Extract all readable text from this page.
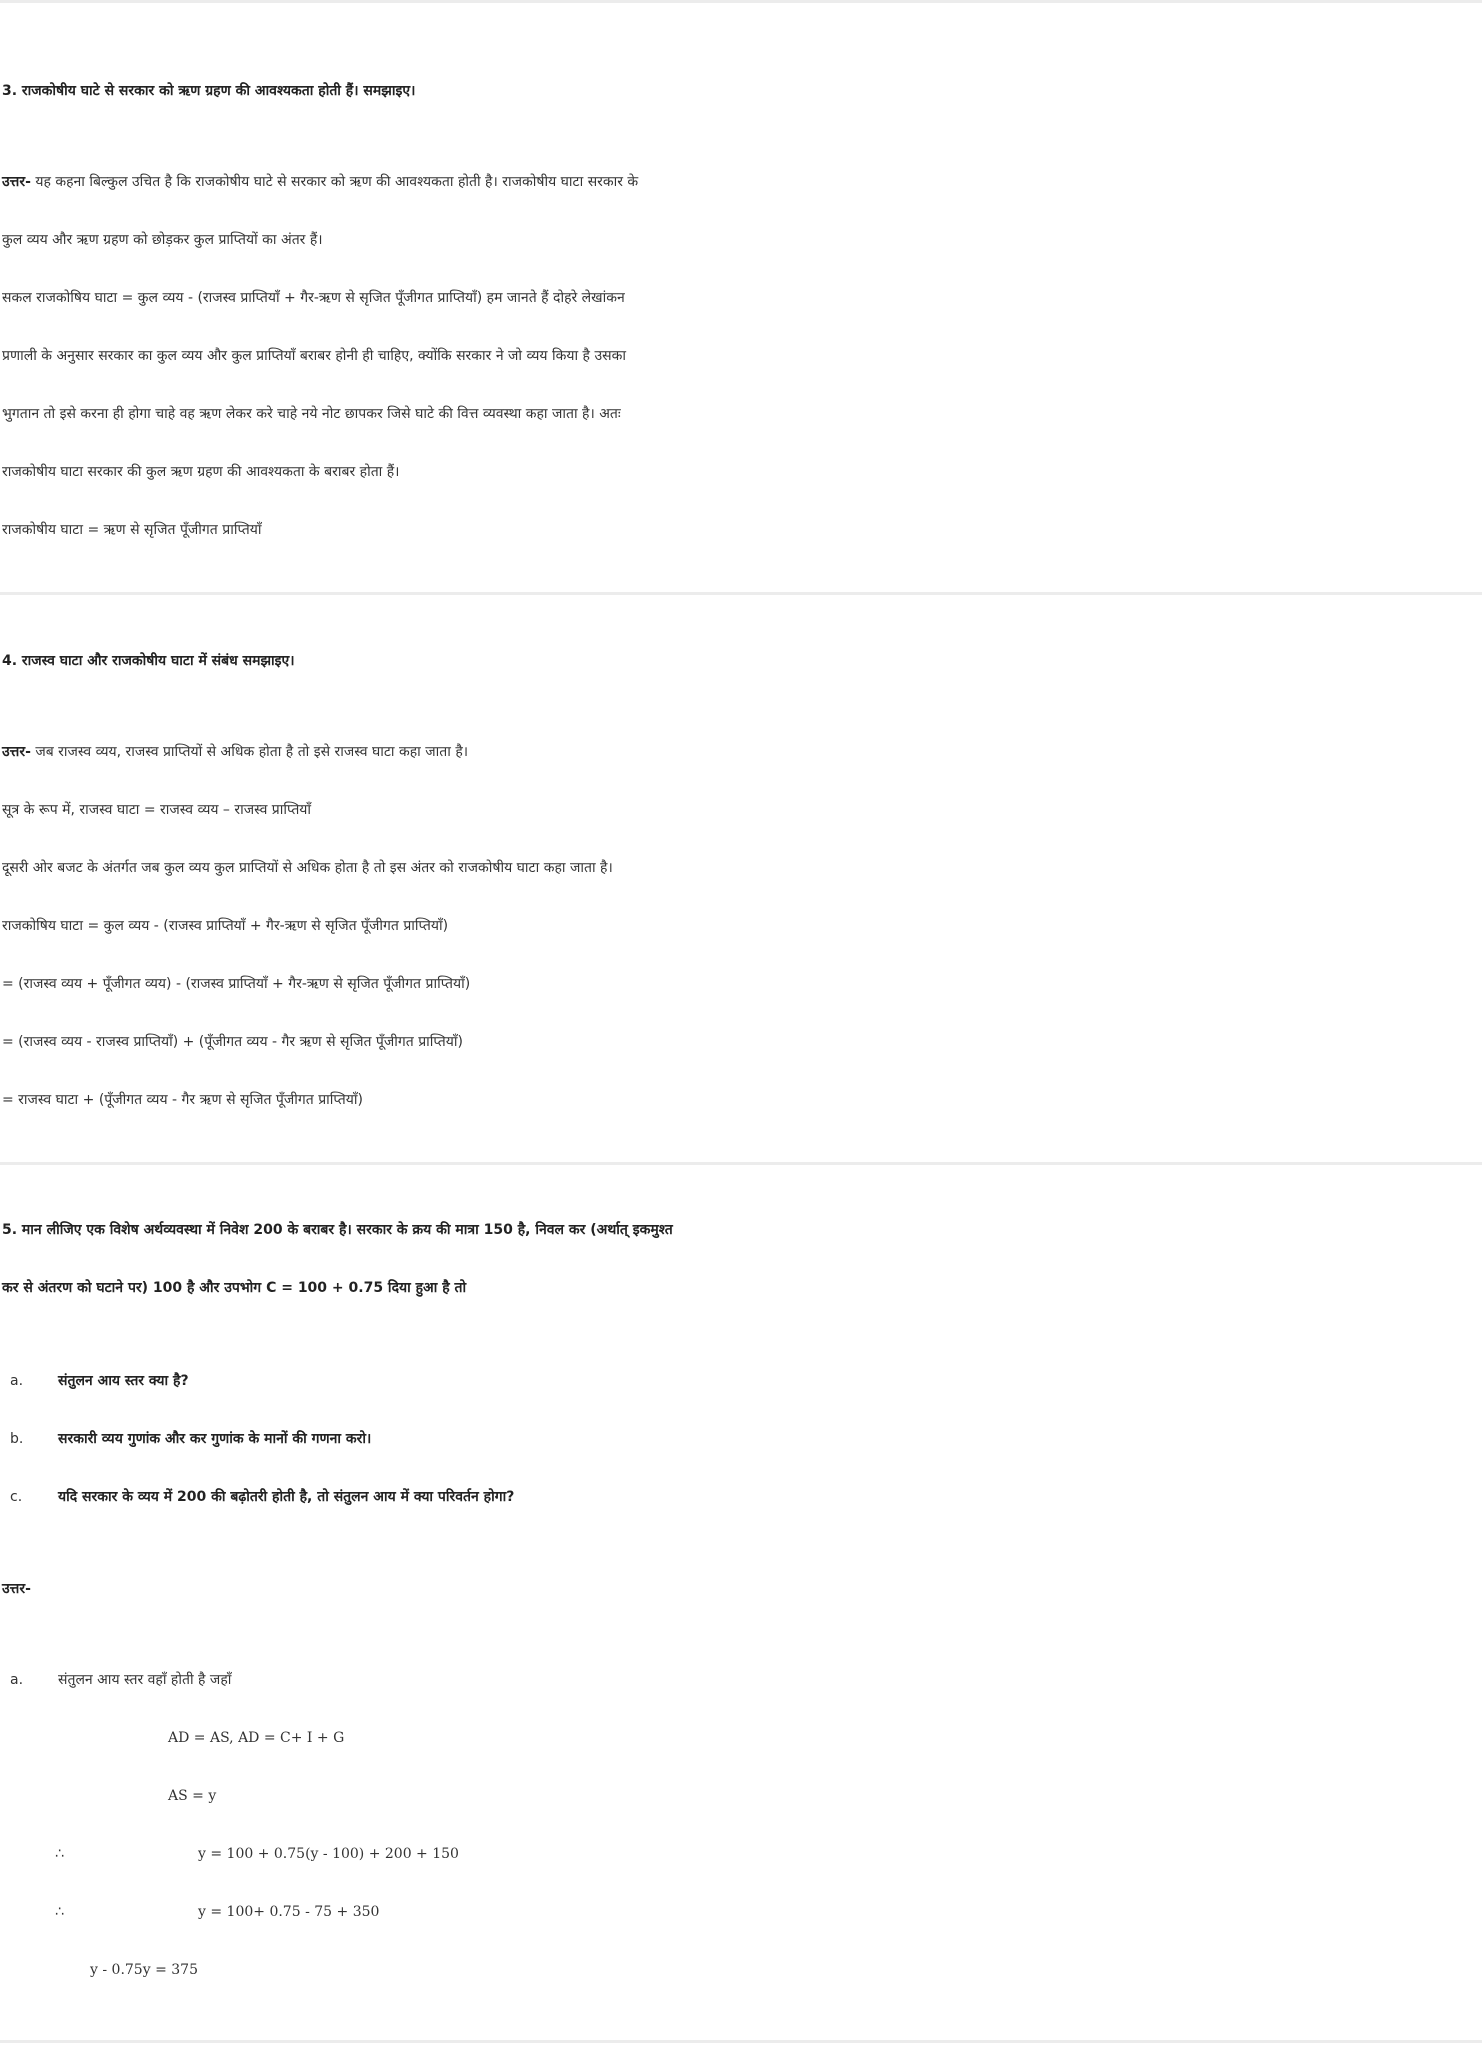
3. राजकोषीय घाटे से सरकार को ऋण ग्रहण की आवश्यकता होती हैं। समझाइए।

उत्तर- यह कहना बिल्कुल उचित है कि राजकोषीय घाटे से सरकार को ऋण की आवश्यकता होती है। राजकोषीय घाटा सरकार के

कुल व्यय और ऋण ग्रहण को छोड़कर कुल प्राप्तियों का अंतर हैं।

सकल राजकोषिय घाटा = कुल व्यय - (राजस्व प्राप्तियाँ + गैर-ऋण से सृजित पूँजीगत प्राप्तियाँ) हम जानते हैं दोहरे लेखांकन

प्रणाली के अनुसार सरकार का कुल व्यय और कुल प्राप्तियाँ बराबर होनी ही चाहिए, क्योंकि सरकार ने जो व्यय किया है उसका

भुगतान तो इसे करना ही होगा चाहे वह ऋण लेकर करे चाहे नये नोट छापकर जिसे घाटे की वित्त व्यवस्था कहा जाता है। अतः

राजकोषीय घाटा सरकार की कुल ऋण ग्रहण की आवश्यकता के बराबर होता हैं।

राजकोषीय घाटा = ऋण से सृजित पूँजीगत प्राप्तियाँ

4. राजस्व घाटा और राजकोषीय घाटा में संबंध समझाइए।

उत्तर- जब राजस्व व्यय, राजस्व प्राप्तियों से अधिक होता है तो इसे राजस्व घाटा कहा जाता है।

सूत्र के रूप में, राजस्व घाटा = राजस्व व्यय – राजस्व प्राप्तियाँ

दूसरी ओर बजट के अंतर्गत जब कुल व्यय कुल प्राप्तियों से अधिक होता है तो इस अंतर को राजकोषीय घाटा कहा जाता है।

राजकोषिय घाटा = कुल व्यय - (राजस्व प्राप्तियाँ + गैर-ऋण से सृजित पूँजीगत प्राप्तियाँ)

= (राजस्व व्यय + पूँजीगत व्यय) - (राजस्व प्राप्तियाँ + गैर-ऋण से सृजित पूँजीगत प्राप्तियाँ)

= (राजस्व व्यय - राजस्व प्राप्तियाँ) + (पूँजीगत व्यय - गैर ऋण से सृजित पूँजीगत प्राप्तियाँ)

= राजस्व घाटा + (पूँजीगत व्यय - गैर ऋण से सृजित पूँजीगत प्राप्तियाँ)

5. मान लीजिए एक विशेष अर्थव्यवस्था में निवेश 200 के बराबर है। सरकार के क्रय की मात्रा 150 है, निवल कर (अर्थात् इकमुश्त

कर से अंतरण को घटाने पर) 100 है और उपभोग C = 100 + 0.75 दिया हुआ है तो

a. संतुलन आय स्तर क्या है?

b. सरकारी व्यय गुणांक और कर गुणांक के मानों की गणना करो।

c.	यदि सरकार के व्यय में 200 की बढ़ोतरी होती है, तो संतुलन आय में क्या परिवर्तन होगा?

उत्तर-

a. संतुलन आय स्तर वहाँ होती है जहाँ

AD = AS, AD = C+ I + G

AS = y

∴	y = 100 + 0.75(y - 100) + 200 + 150

∴	y = 100+ 0.75 - 75 + 350

y - 0.75y = 375
